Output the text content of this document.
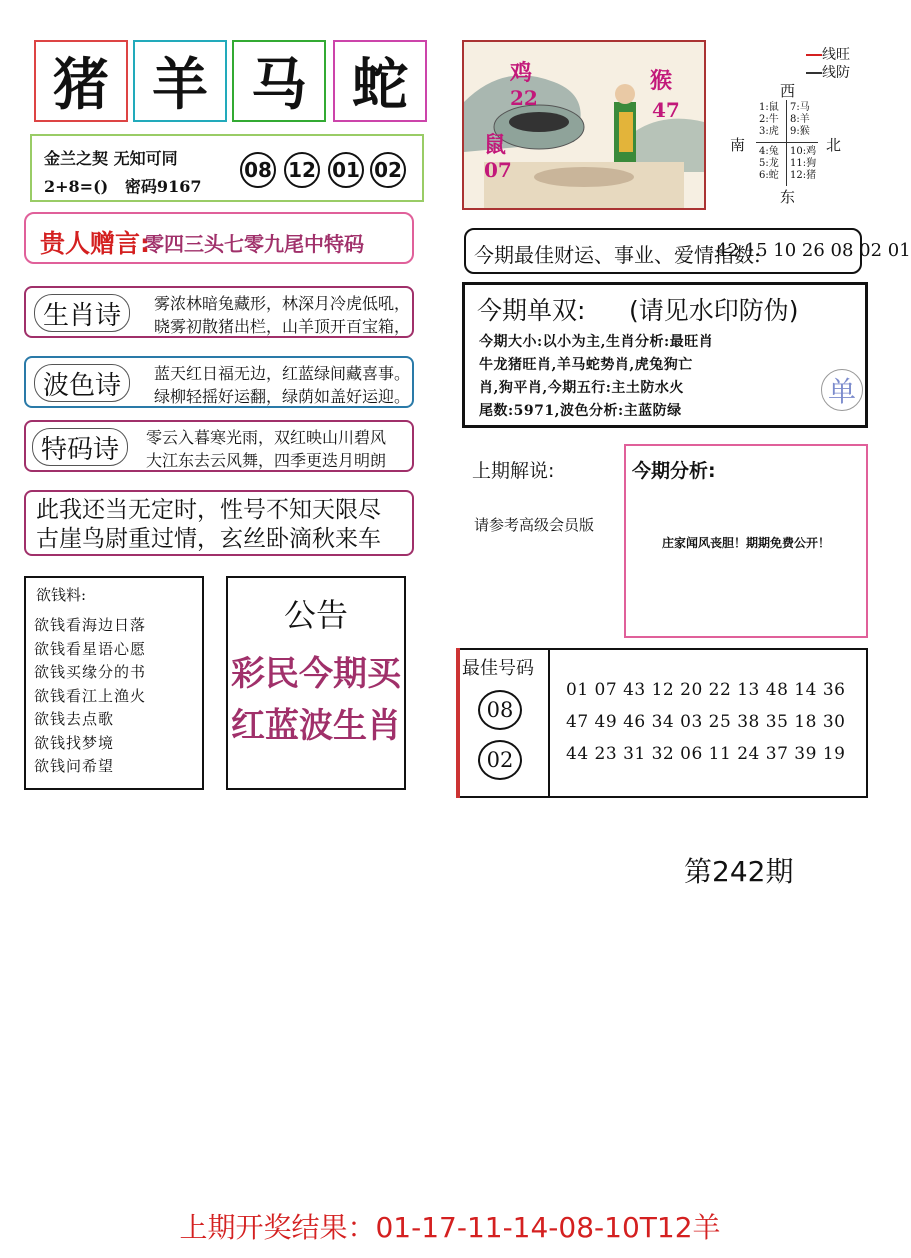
猪 羊 马 蛇
金兰之契 无知可同
2+8=()   密码9167
08 12 01 02
贵人赠言:
零四三头七零九尾中特码
生肖诗	雾浓林暗兔藏形，林深月冷虎低吼，
晓雾初散猪出栏，山羊顶开百宝箱，
波色诗	蓝天红日福无边，红蓝绿间藏喜事。
绿柳轻摇好运翻，绿荫如盖好运迎。
特码诗	零云入暮寒光雨，双红映山川碧风
大江东去云风舞，四季更迭月明朗
此我还当无定时，性号不知天限尽
古崖鸟尉重过情，玄丝卧滴秋来车
欲钱料:
欲钱看海边日落
欲钱看星语心愿
欲钱买缘分的书
欲钱看江上渔火
欲钱去点歌
欲钱找梦境
欲钱问希望
公告
彩民今期买
红蓝波生肖
鸡
22
猴
47
鼠
07
线旺
线防
西
南	北
东
1:鼠
2:牛
3:虎
7:马
8:羊
9:猴
4:兔
5:龙
6:蛇
10:鸡
11:狗
12:猪
今期最佳财运、事业、爱情指数:
42 15 10 26 08 02 01
今期单双: (请见水印防伪)
今期大小:以小为主,生肖分析:最旺肖
牛龙猪旺肖,羊马蛇势肖,虎兔狗亡
肖,狗平肖,今期五行:主土防水火
尾数:5971,波色分析:主蓝防绿
单
上期解说:
请参考高级会员版
今期分析:
庄家闻风丧胆！期期免费公开！
最佳号码
08
02
01 07 43 12 20 22 13 48 14 36
47 49 46 34 03 25 38 35 18 30
44 23 31 32 06 11 24 37 39 19
第242期
上期开奖结果：01-17-11-14-08-10T12羊
